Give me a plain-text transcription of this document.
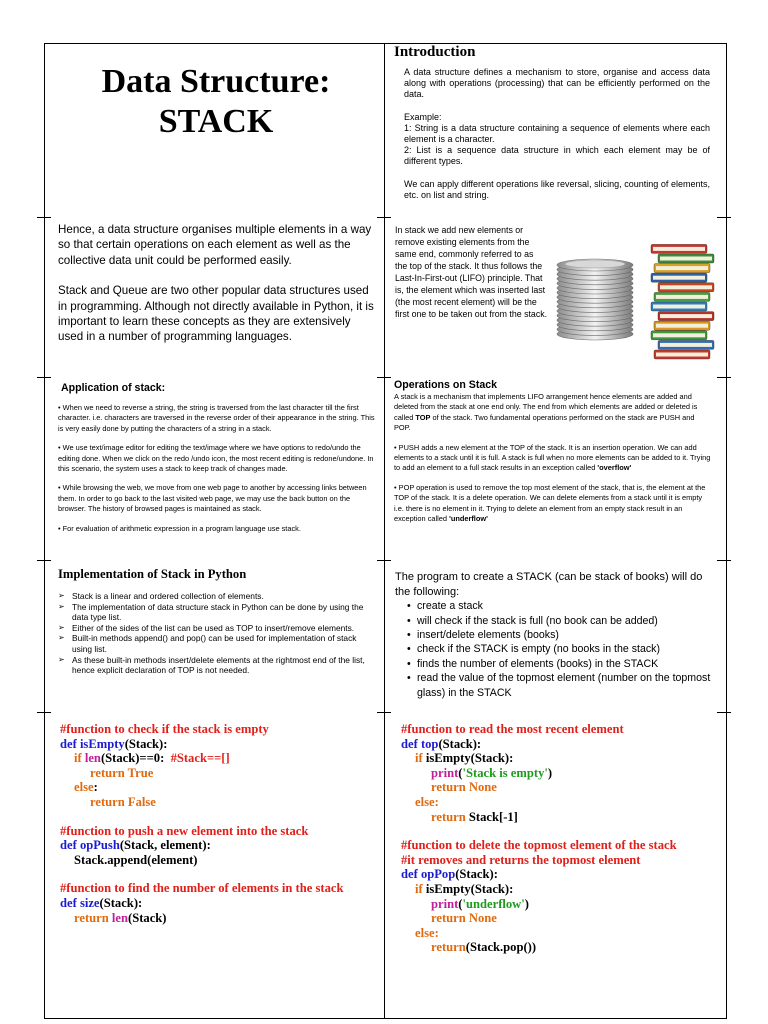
Data Structure:
STACK
Introduction

A data structure defines a mechanism to store, organise and access data along with operations (processing) that can be efficiently performed on the data.

Example:

1: String is a data structure containing a sequence of elements where each element is a character.

2: List is a sequence data structure in which each element may be of different types.

We can apply different operations like reversal, slicing, counting of elements, etc. on list and string.

Hence, a data structure organises multiple elements in a way so that certain operations on each element as well as the collective data unit could be performed easily.

Stack and Queue are two other popular data structures used in programming. Although not directly available in Python, it is important to learn these concepts as they are extensively used in a number of programming languages.

In stack we add new elements or remove existing elements from the same end, commonly referred to as the top of the stack. It thus follows the Last-In-First-out (LIFO) principle. That is, the element which was inserted last (the most recent element) will be the first one to be taken out from the stack.

Application of stack:

• When we need to reverse a string, the string is traversed from the last character till the first character. i.e. characters are traversed in the reverse order of their appearance in the string. This is very easily done by putting the characters of a string in a stack.

• We use text/image editor for editing the text/image where we have options to redo/undo the editing done. When we click on the redo /undo icon, the most recent editing is redone/undone. In this scenario, the system uses a stack to keep track of changes made.

• While browsing the web, we move from one web page to another by accessing links between them. In order to go back to the last visited web page, we may use the back button on the browser. The history of browsed pages is maintained as stack.

• For evaluation of arithmetic expression in a program language use stack.

Operations on Stack

A stack is a mechanism that implements LIFO arrangement hence elements are added and deleted from the stack at one end only. The end from which elements are added or deleted is called TOP of the stack. Two fundamental operations performed on the stack are PUSH and POP.

• PUSH adds a new element at the TOP of the stack. It is an insertion operation. We can add elements to a stack until it is full. A stack is full when no more elements can be added to it. Trying to add an element to a full stack results in an exception called 'overflow'

• POP operation is used to remove the top most element of the stack, that is, the element at the TOP of the stack. It is a delete operation. We can delete elements from a stack until it is empty i.e. there is no element in it. Trying to delete an element from an empty stack result in an exception called 'underflow'

Implementation of Stack in Python
➢ Stack is a linear and ordered collection of elements.
➢ The implementation of data structure stack in Python can be done by using the data type list.
➢ Either of the sides of the list can be used as TOP to insert/remove elements.
➢ Built-in methods append() and pop() can be used for implementation of stack using list.
➢ As these built-in methods insert/delete elements at the rightmost end of the list, hence explicit declaration of TOP is not needed.

The program to create a STACK (can be stack of books) will do the following:

• create a stack
• will check if the stack is full (no book can be added)
• insert/delete elements (books)
• check if the STACK is empty (no books in the stack)
• finds the number of elements (books) in the STACK
• read the value of the topmost element (number on the topmost glass) in the STACK
#function to check if the stack is empty
def isEmpty(Stack):
if len(Stack)==0:  #Stack==[]
return True
else:
return False
#function to push a new element into the stack
def opPush(Stack, element):
Stack.append(element)
#function to find the number of elements in the stack
def size(Stack):
return len(Stack)
#function to read the most recent element
def top(Stack):
if isEmpty(Stack):
print('Stack is empty')
return None
else:
return Stack[-1]
#function to delete the topmost element of the stack
#it removes and returns the topmost element
def opPop(Stack):
if isEmpty(Stack):
print('underflow')
return None
else:
return(Stack.pop())
